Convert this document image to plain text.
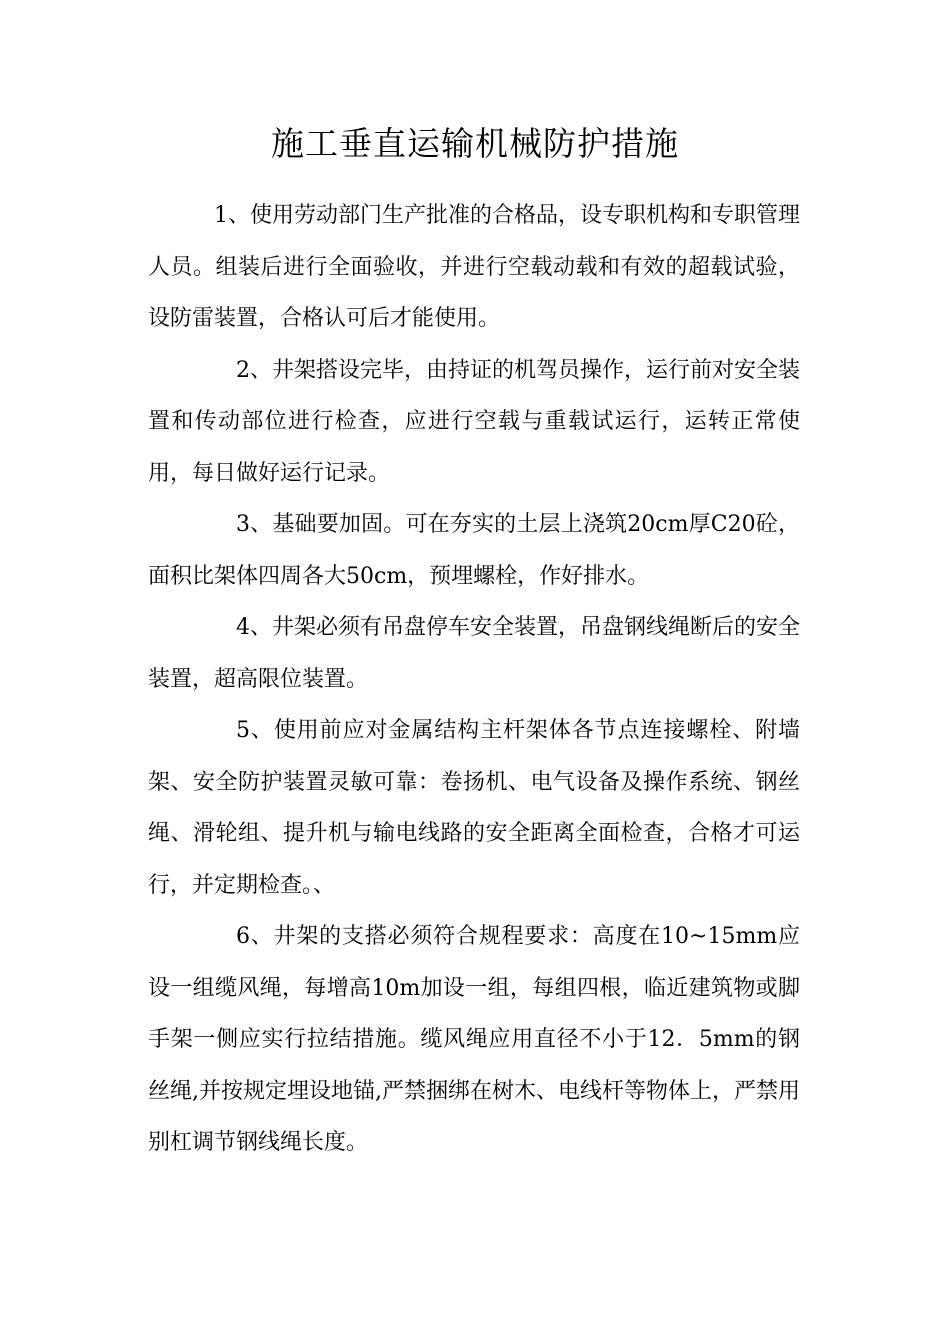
施工垂直运输机械防护措施

1、使用劳动部门生产批准的合格品，设专职机构和专职管理人员。组装后进行全面验收，并进行空载动载和有效的超载试验，设防雷装置，合格认可后才能使用。

2、井架搭设完毕，由持证的机驾员操作，运行前对安全装置和传动部位进行检查，应进行空载与重载试运行，运转正常使用，每日做好运行记录。

3、基础要加固。可在夯实的土层上浇筑20cm厚C20砼，面积比架体四周各大50cm，预埋螺栓，作好排水。

4、井架必须有吊盘停车安全装置，吊盘钢线绳断后的安全装置，超高限位装置。

5、使用前应对金属结构主杆架体各节点连接螺栓、附墙架、安全防护装置灵敏可靠：卷扬机、电气设备及操作系统、钢丝绳、滑轮组、提升机与输电线路的安全距离全面检查，合格才可运行，并定期检查。、

6、井架的支搭必须符合规程要求：高度在10~15mm应设一组缆风绳，每增高10m加设一组，每组四根，临近建筑物或脚手架一侧应实行拉结措施。缆风绳应用直径不小于12．5mm的钢丝绳,并按规定埋设地锚,严禁捆绑在树木、电线杆等物体上，严禁用别杠调节钢线绳长度。
